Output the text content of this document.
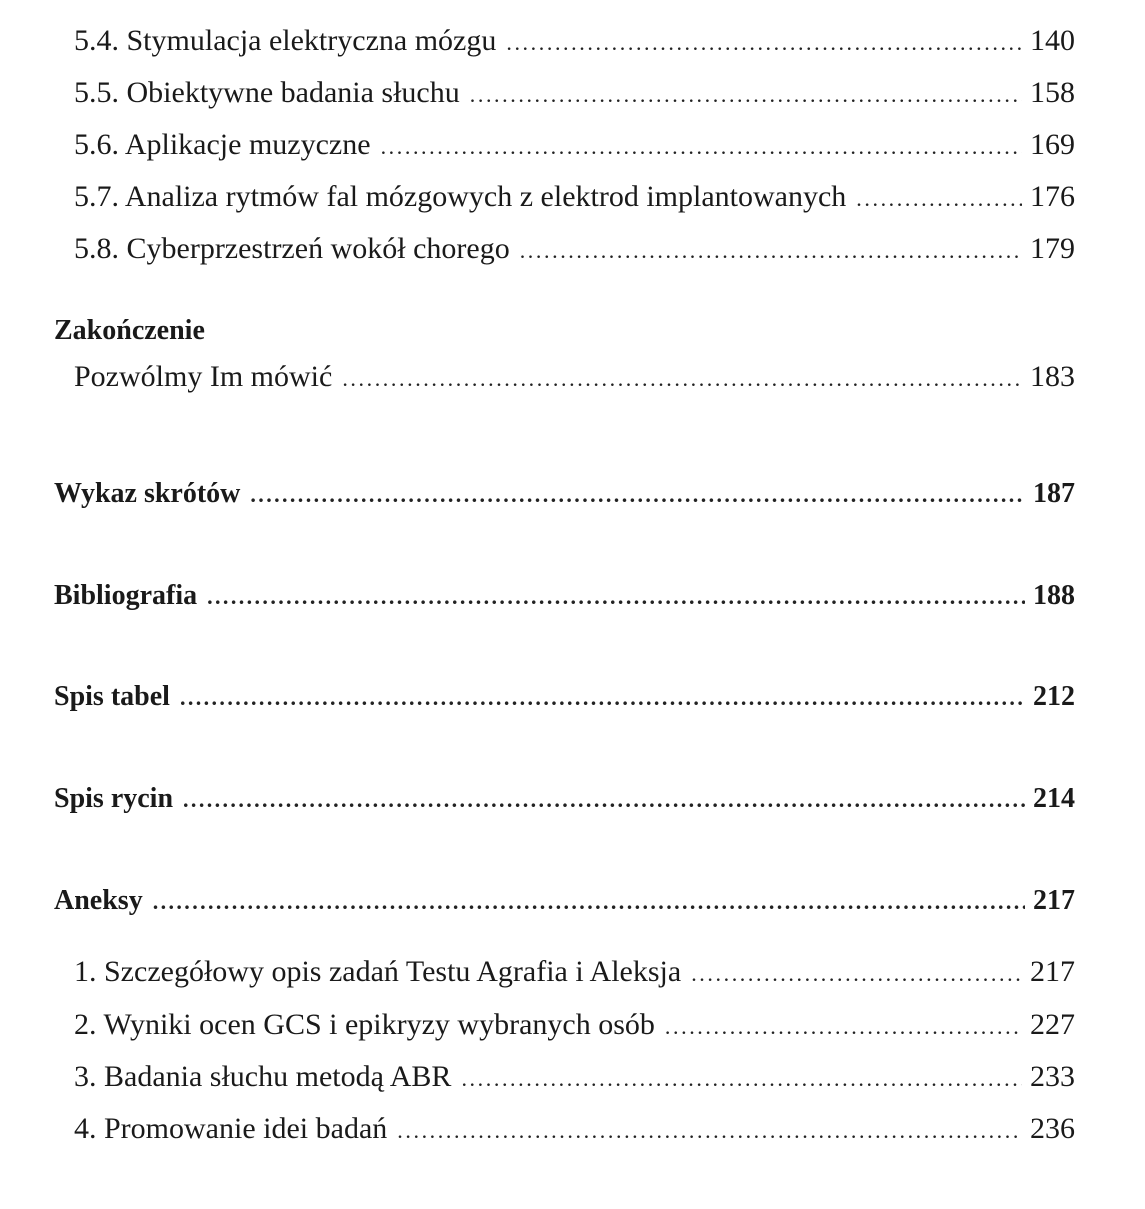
5.4. Stymulacja elektryczna mózgu .....	140
5.5. Obiektywne badania słuchu .....	158
5.6. Aplikacje muzyczne .....	169
5.7. Analiza rytmów fal mózgowych z elektrod implantowanych .....	176
5.8. Cyberprzestrzeń wokół chorego .....	179
Zakończenie
Pozwólmy Im mówić .....	183
Wykaz skrótów .....	187
Bibliografia .....	188
Spis tabel .....	212
Spis rycin .....	214
Aneksy .....	217
1. Szczegółowy opis zadań Testu Agrafia i Aleksja .....	217
2. Wyniki ocen GCS i epikryzy wybranych osób .....	227
3. Badania słuchu metodą ABR .....	233
4. Promowanie idei badań .....	236
